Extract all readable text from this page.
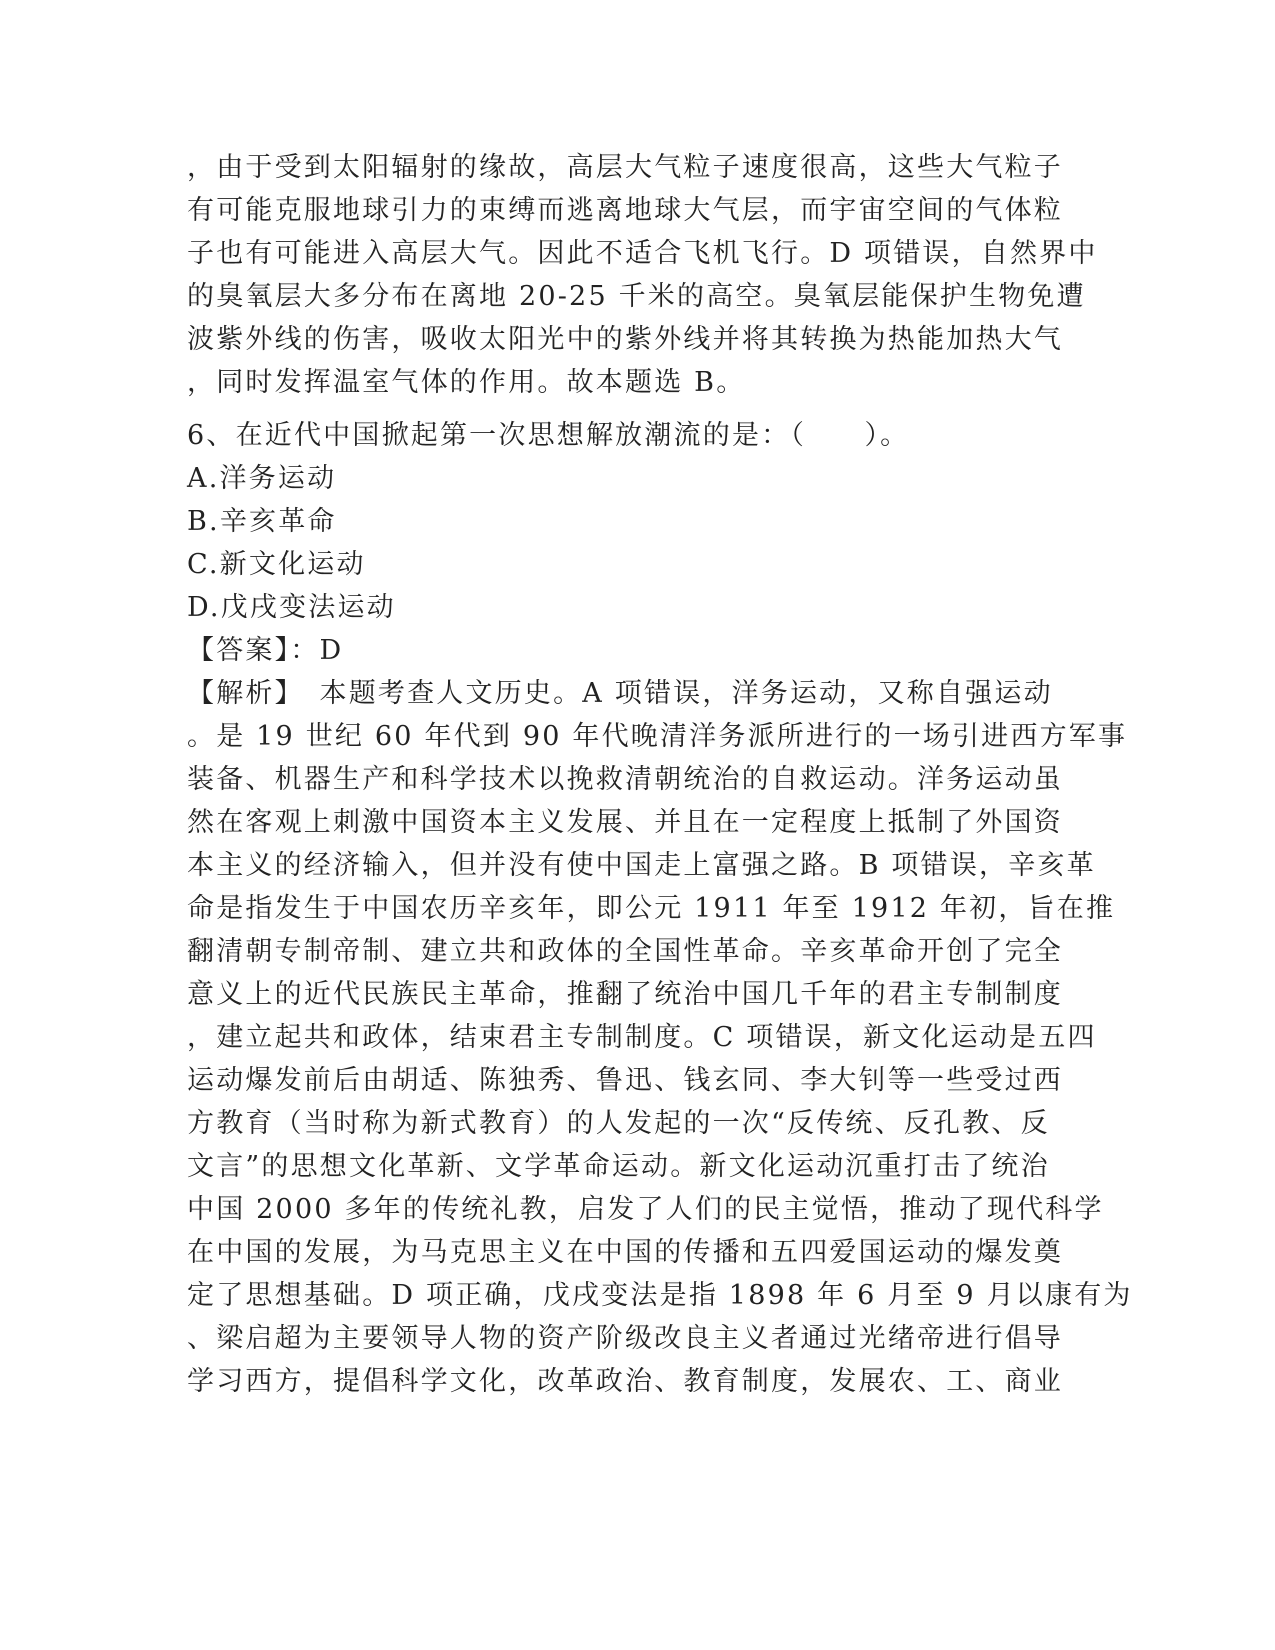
，由于受到太阳辐射的缘故，高层大气粒子速度很高，这些大气粒子
有可能克服地球引力的束缚而逃离地球大气层，而宇宙空间的气体粒
子也有可能进入高层大气。因此不适合飞机飞行。D 项错误，自然界中
的臭氧层大多分布在离地 20-25 千米的高空。臭氧层能保护生物免遭
波紫外线的伤害，吸收太阳光中的紫外线并将其转换为热能加热大气
，同时发挥温室气体的作用。故本题选 B。
6、在近代中国掀起第一次思想解放潮流的是：（　　）。
A.洋务运动
B.辛亥革命
C.新文化运动
D.戊戌变法运动
【答案】：D
【解析】　本题考查人文历史。A 项错误，洋务运动，又称自强运动
。是 19 世纪 60 年代到 90 年代晚清洋务派所进行的一场引进西方军事
装备、机器生产和科学技术以挽救清朝统治的自救运动。洋务运动虽
然在客观上刺激中国资本主义发展、并且在一定程度上抵制了外国资
本主义的经济输入，但并没有使中国走上富强之路。B 项错误，辛亥革
命是指发生于中国农历辛亥年，即公元 1911 年至 1912 年初，旨在推
翻清朝专制帝制、建立共和政体的全国性革命。辛亥革命开创了完全
意义上的近代民族民主革命，推翻了统治中国几千年的君主专制制度
，建立起共和政体，结束君主专制制度。C 项错误，新文化运动是五四
运动爆发前后由胡适、陈独秀、鲁迅、钱玄同、李大钊等一些受过西
方教育（当时称为新式教育）的人发起的一次“反传统、反孔教、反
文言”的思想文化革新、文学革命运动。新文化运动沉重打击了统治
中国 2000 多年的传统礼教，启发了人们的民主觉悟，推动了现代科学
在中国的发展，为马克思主义在中国的传播和五四爱国运动的爆发奠
定了思想基础。D 项正确，戊戌变法是指 1898 年 6 月至 9 月以康有为
、梁启超为主要领导人物的资产阶级改良主义者通过光绪帝进行倡导
学习西方，提倡科学文化，改革政治、教育制度，发展农、工、商业
